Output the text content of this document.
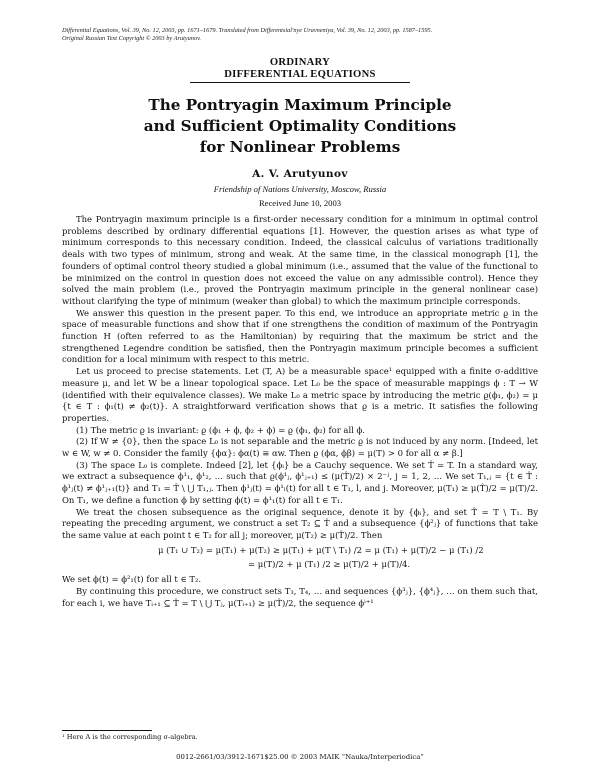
Differential Equations, Vol. 39, No. 12, 2003, pp. 1671–1679. Translated from Differentsial'nye Uravneniya, Vol. 39, No. 12, 2003, pp. 1587–1595.
Original Russian Text Copyright © 2003 by Arutyunov.
ORDINARY
DIFFERENTIAL EQUATIONS
The Pontryagin Maximum Principle
and Sufficient Optimality Conditions
for Nonlinear Problems
A. V. Arutyunov
Friendship of Nations University, Moscow, Russia
Received June 10, 2003

The Pontryagin maximum principle is a first-order necessary condition for a minimum in optimal control problems described by ordinary differential equations [1]. However, the question arises as what type of minimum corresponds to this necessary condition. Indeed, the classical calculus of variations traditionally deals with two types of minimum, strong and weak. At the same time, in the classical monograph [1], the founders of optimal control theory studied a global minimum (i.e., assumed that the value of the functional to be minimized on the control in question does not exceed the value on any admissible control). Hence they solved the main problem (i.e., proved the Pontryagin maximum principle in the general nonlinear case) without clarifying the type of minimum (weaker than global) to which the maximum principle corresponds.

We answer this question in the present paper. To this end, we introduce an appropriate metric ϱ in the space of measurable functions and show that if one strengthens the condition of maximum of the Pontryagin function H (often referred to as the Hamiltonian) by requiring that the maximum be strict and the strengthened Legendre condition be satisfied, then the Pontryagin maximum principle becomes a sufficient condition for a local minimum with respect to this metric.

Let us proceed to precise statements. Let (T, A) be a measurable space¹ equipped with a finite σ-additive measure μ, and let W be a linear topological space. Let L₀ be the space of measurable mappings ϕ : T → W (identified with their equivalence classes). We make L₀ a metric space by introducing the metric ϱ(ϕ₁, ϕ₂) = μ {t ∈ T : ϕ₁(t) ≠ ϕ₂(t)}. A straightforward verification shows that ϱ is a metric. It satisfies the following properties.

(1) The metric ϱ is invariant: ϱ (ϕ₁ + ϕ, ϕ₂ + ϕ) = ϱ (ϕ₁, ϕ₂) for all ϕ.

(2) If W ≠ {0}, then the space L₀ is not separable and the metric ϱ is not induced by any norm. [Indeed, let w ∈ W, w ≠ 0. Consider the family {ϕα}: ϕα(t) ≡ αw. Then ϱ (ϕα, ϕβ) = μ(T) > 0 for all α ≠ β.]

(3) The space L₀ is complete. Indeed [2], let {ϕᵢ} be a Cauchy sequence. We set T̂ = T. In a standard way, we extract a subsequence ϕ¹₁, ϕ¹₂, … such that ϱ(ϕ¹ⱼ, ϕ¹ⱼ₊₁) ≤ (μ(T̂)/2) × 2⁻ʲ, j = 1, 2, … We set T₁,ⱼ = {t ∈ T̂ : ϕ¹ⱼ(t) ≠ ϕ¹ⱼ₊₁(t)} and T₁ = T̂ \ ⋃ T₁,ⱼ. Then ϕ¹ⱼ(t) = ϕ¹ₗ(t) for all t ∈ T₁, l, and j. Moreover, μ(T₁) ≥ μ(T̂)/2 = μ(T)/2. On T₁, we define a function ϕ by setting ϕ(t) = ϕ¹₁(t) for all t ∈ T₁.

We treat the chosen subsequence as the original sequence, denote it by {ϕᵢ}, and set T̂ = T \ T₁. By repeating the preceding argument, we construct a set T₂ ⊆ T̂ and a subsequence {ϕ²ⱼ} of functions that take the same value at each point t ∈ T₂ for all j; moreover, μ(T₂) ≥ μ(T̂)/2. Then

μ (T₁ ∪ T₂) = μ(T₁) + μ(T₂) ≥ μ(T₁) + μ(T \ T₁) /2 = μ (T₁) + μ(T)/2 − μ (T₁) /2
= μ(T)/2 + μ (T₁) /2 ≥ μ(T)/2 + μ(T)/4.

We set ϕ(t) = ϕ²₁(t) for all t ∈ T₂.

By continuing this procedure, we construct sets T₃, T₄, … and sequences {ϕ³ⱼ}, {ϕ⁴ⱼ}, … on them such that, for each i, we have Tᵢ₊₁ ⊆ T̂ = T \ ⋃ Tⱼ, μ(Tᵢ₊₁) ≥ μ(T̂)/2, the sequence ϕⁱ⁺¹

¹ Here A is the corresponding σ-algebra.
0012-2661/03/3912-1671$25.00 © 2003 MAIK “Nauka/Interperiodica”
